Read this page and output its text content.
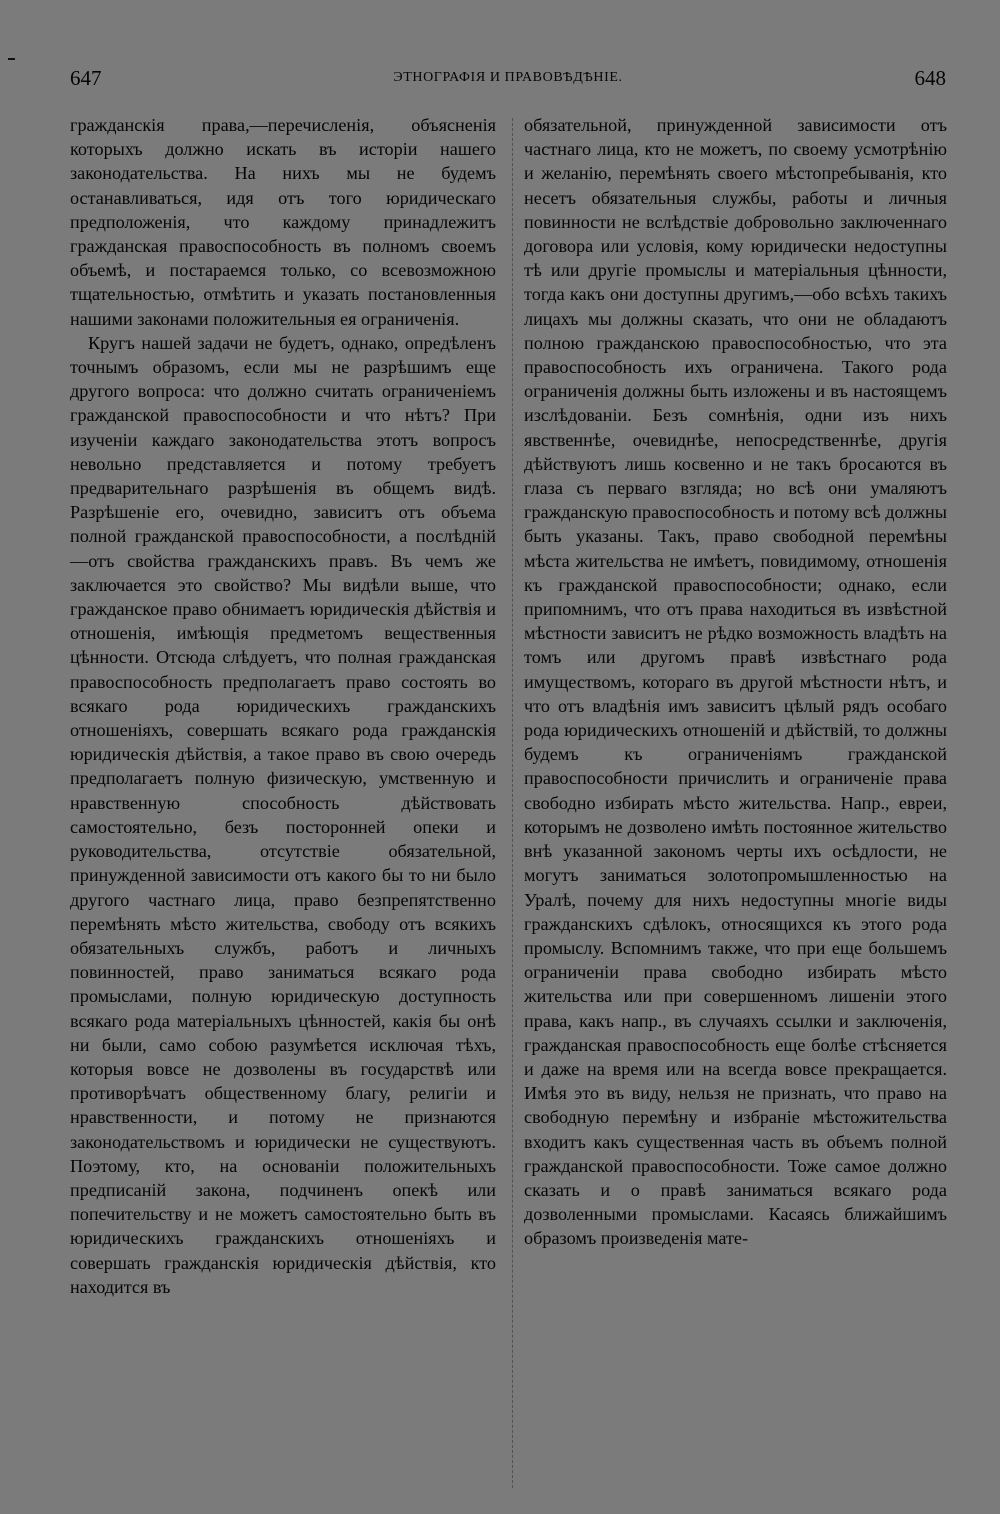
647	ЭТНОГРАФІЯ И ПРАВОВѢДѢНІЕ.	648

гражданскія права,—перечисленія, объясненія которыхъ должно искать въ исторіи нашего законодательства. На нихъ мы не будемъ останавливаться, идя отъ того юридическаго предположенія, что каждому принадлежитъ гражданская правоспособность въ полномъ своемъ объемѣ, и постараемся только, со всевозможною тщательностью, отмѣтить и указать постановленныя нашими законами положительныя ея ограниченія.

Кругъ нашей задачи не будетъ, однако, опредѣленъ точнымъ образомъ, если мы не разрѣшимъ еще другого вопроса: что должно считать ограниченіемъ гражданской правоспособности и что нѣтъ? При изученіи каждаго законодательства этотъ вопросъ невольно представляется и потому требуетъ предварительнаго разрѣшенія въ общемъ видѣ. Разрѣшеніе его, очевидно, зависитъ отъ объема полной гражданской правоспособности, а послѣдній—отъ свойства гражданскихъ правъ. Въ чемъ же заключается это свойство? Мы видѣли выше, что гражданское право обнимаетъ юридическія дѣйствія и отношенія, имѣющія предметомъ вещественныя цѣнности. Отсюда слѣдуетъ, что полная гражданская правоспособность предполагаетъ право состоять во всякаго рода юридическихъ гражданскихъ отношеніяхъ, совершать всякаго рода гражданскія юридическія дѣйствія, а такое право въ свою очередь предполагаетъ полную физическую, умственную и нравственную способность дѣйствовать самостоятельно, безъ посторонней опеки и руководительства, отсутствіе обязательной, принужденной зависимости отъ какого бы то ни было другого частнаго лица, право безпрепятственно перемѣнять мѣсто жительства, свободу отъ всякихъ обязательныхъ службъ, работъ и личныхъ повинностей, право заниматься всякаго рода промыслами, полную юридическую доступность всякаго рода матеріальныхъ цѣнностей, какія бы онѣ ни были, само собою разумѣется исключая тѣхъ, которыя вовсе не дозволены въ государствѣ или противорѣчатъ общественному благу, религіи и нравственности, и потому не признаются законодательствомъ и юридически не существуютъ. Поэтому, кто, на основаніи положительныхъ предписаній закона, подчиненъ опекѣ или попечительству и не можетъ самостоятельно быть въ юридическихъ гражданскихъ отношеніяхъ и совершать гражданскія юридическія дѣйствія, кто находится въ

обязательной, принужденной зависимости отъ частнаго лица, кто не можетъ, по своему усмотрѣнію и желанію, перемѣнять своего мѣстопребыванія, кто несетъ обязательныя службы, работы и личныя повинности не вслѣдствіе добровольно заключеннаго договора или условія, кому юридически недоступны тѣ или другіе промыслы и матеріальныя цѣнности, тогда какъ они доступны другимъ,—обо всѣхъ такихъ лицахъ мы должны сказать, что они не обладаютъ полною гражданскою правоспособностью, что эта правоспособность ихъ ограничена. Такого рода ограниченія должны быть изложены и въ настоящемъ изслѣдованіи. Безъ сомнѣнія, одни изъ нихъ явственнѣе, очевиднѣе, непосредственнѣе, другія дѣйствуютъ лишь косвенно и не такъ бросаются въ глаза съ перваго взгляда; но всѣ они умаляютъ гражданскую правоспособность и потому всѣ должны быть указаны. Такъ, право свободной перемѣны мѣста жительства не имѣетъ, повидимому, отношенія къ гражданской правоспособности; однако, если припомнимъ, что отъ права находиться въ извѣстной мѣстности зависитъ не рѣдко возможность владѣть на томъ или другомъ правѣ извѣстнаго рода имуществомъ, котораго въ другой мѣстности нѣтъ, и что отъ владѣнія имъ зависитъ цѣлый рядъ особаго рода юридическихъ отношеній и дѣйствій, то должны будемъ къ ограниченіямъ гражданской правоспособности причислить и ограниченіе права свободно избирать мѣсто жительства. Напр., евреи, которымъ не дозволено имѣть постоянное жительство внѣ указанной закономъ черты ихъ осѣдлости, не могутъ заниматься золотопромышленностью на Уралѣ, почему для нихъ недоступны многіе виды гражданскихъ сдѣлокъ, относящихся къ этого рода промыслу. Вспомнимъ также, что при еще большемъ ограниченіи права свободно избирать мѣсто жительства или при совершенномъ лишеніи этого права, какъ напр., въ случаяхъ ссылки и заключенія, гражданская правоспособность еще болѣе стѣсняется и даже на время или на всегда вовсе прекращается. Имѣя это въ виду, нельзя не признать, что право на свободную перемѣну и избраніе мѣстожительства входитъ какъ существенная часть въ объемъ полной гражданской правоспособности. Тоже самое должно сказать и о правѣ заниматься всякаго рода дозволенными промыслами. Касаясь ближайшимъ образомъ произведенія мате-
